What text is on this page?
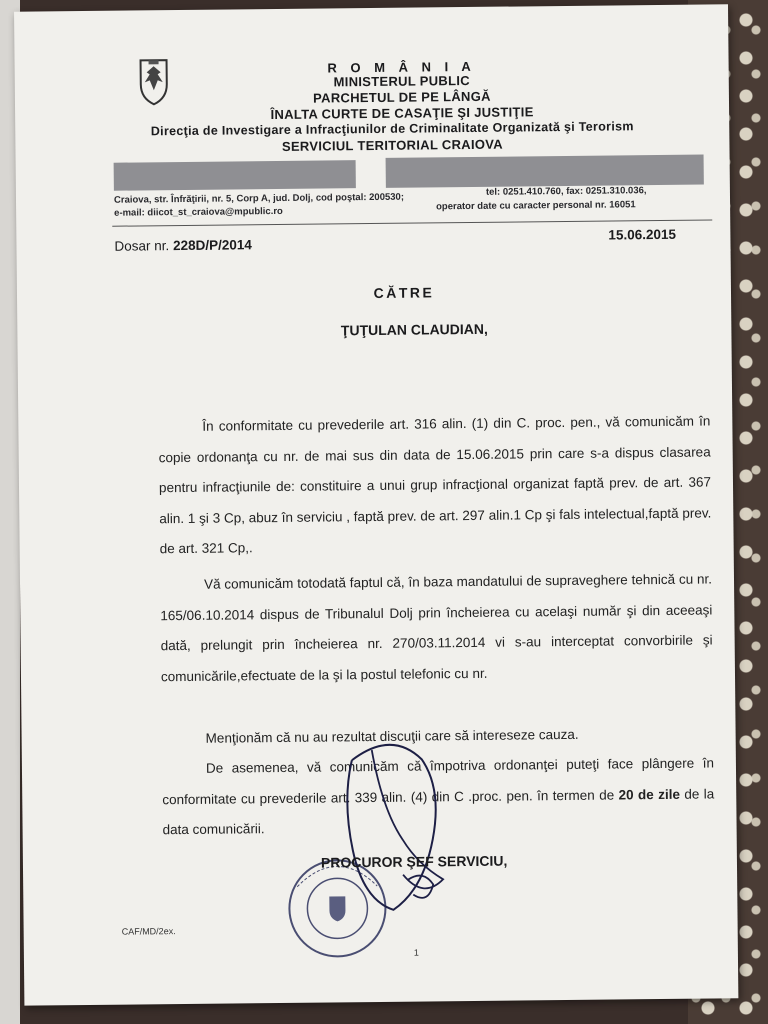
R O M Â N I A
MINISTERUL PUBLIC
PARCHETUL DE PE LÂNGĂ
ÎNALTA CURTE DE CASAŢIE ŞI JUSTIŢIE
Direcţia de Investigare a Infracţiunilor de Criminalitate Organizată şi Terorism
SERVICIUL TERITORIAL CRAIOVA
Craiova, str. Înfrăţirii, nr. 5, Corp A, jud. Dolj, cod poştal: 200530;
e-mail: diicot_st_craiova@mpublic.ro
tel: 0251.410.760, fax: 0251.310.036,
operator date cu caracter personal nr. 16051
Dosar nr. 228D/P/2014
15.06.2015
CĂTRE
ŢUŢULAN CLAUDIAN,
În conformitate cu prevederile art. 316 alin. (1) din C. proc. pen., vă comunicăm în copie ordonanţa cu nr. de mai sus din data de 15.06.2015 prin care s-a dispus clasarea pentru infracţiunile de: constituire a unui grup infracţional organizat faptă prev. de art. 367 alin. 1 şi 3 Cp, abuz în serviciu , faptă prev. de art. 297 alin.1 Cp şi fals intelectual,faptă prev. de art. 321 Cp,.
Vă comunicăm totodată faptul că, în baza mandatului de supraveghere tehnică cu nr. 165/06.10.2014 dispus de Tribunalul Dolj prin încheierea cu acelaşi număr şi din aceeaşi dată, prelungit prin încheierea nr. 270/03.11.2014 vi s-au interceptat convorbirile şi comunicările,efectuate de la şi la postul telefonic cu nr.
Menţionăm că nu au rezultat discuţii care să intereseze cauza.
De asemenea, vă comunicăm că împotriva ordonanţei puteţi face plângere în conformitate cu prevederile art. 339 alin. (4) din C .proc. pen. în termen de 20 de zile de la data comunicării.
PROCUROR ŞEF SERVICIU,
CAF/MD/2ex.
1
